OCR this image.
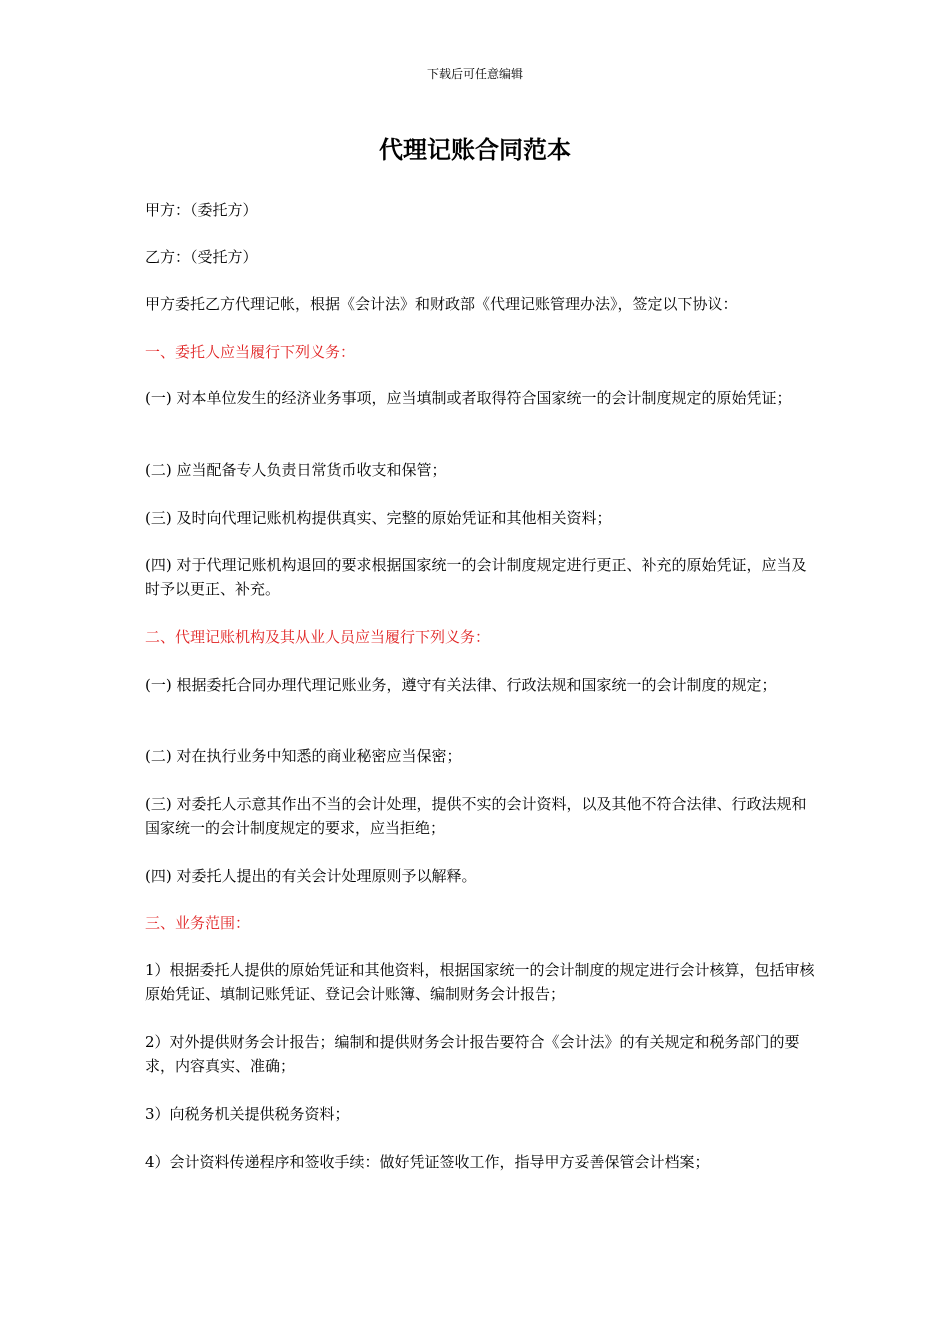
下载后可任意编辑
代理记账合同范本

甲方：（委托方）

乙方：（受托方）

甲方委托乙方代理记帐，根据《会计法》和财政部《代理记账管理办法》，签定以下协议：

一、委托人应当履行下列义务：

(一) 对本单位发生的经济业务事项，应当填制或者取得符合国家统一的会计制度规定的原始凭证；

(二) 应当配备专人负责日常货币收支和保管；

(三) 及时向代理记账机构提供真实、完整的原始凭证和其他相关资料；

(四) 对于代理记账机构退回的要求根据国家统一的会计制度规定进行更正、补充的原始凭证，应当及时予以更正、补充。

二、代理记账机构及其从业人员应当履行下列义务：

(一) 根据委托合同办理代理记账业务，遵守有关法律、行政法规和国家统一的会计制度的规定；

(二) 对在执行业务中知悉的商业秘密应当保密；

(三) 对委托人示意其作出不当的会计处理，提供不实的会计资料，以及其他不符合法律、行政法规和国家统一的会计制度规定的要求，应当拒绝；

(四) 对委托人提出的有关会计处理原则予以解释。

三、业务范围：

1）根据委托人提供的原始凭证和其他资料，根据国家统一的会计制度的规定进行会计核算，包括审核原始凭证、填制记账凭证、登记会计账簿、编制财务会计报告；

2）对外提供财务会计报告；编制和提供财务会计报告要符合《会计法》的有关规定和税务部门的要求，内容真实、准确；

3）向税务机关提供税务资料；

4）会计资料传递程序和签收手续：做好凭证签收工作，指导甲方妥善保管会计档案；
